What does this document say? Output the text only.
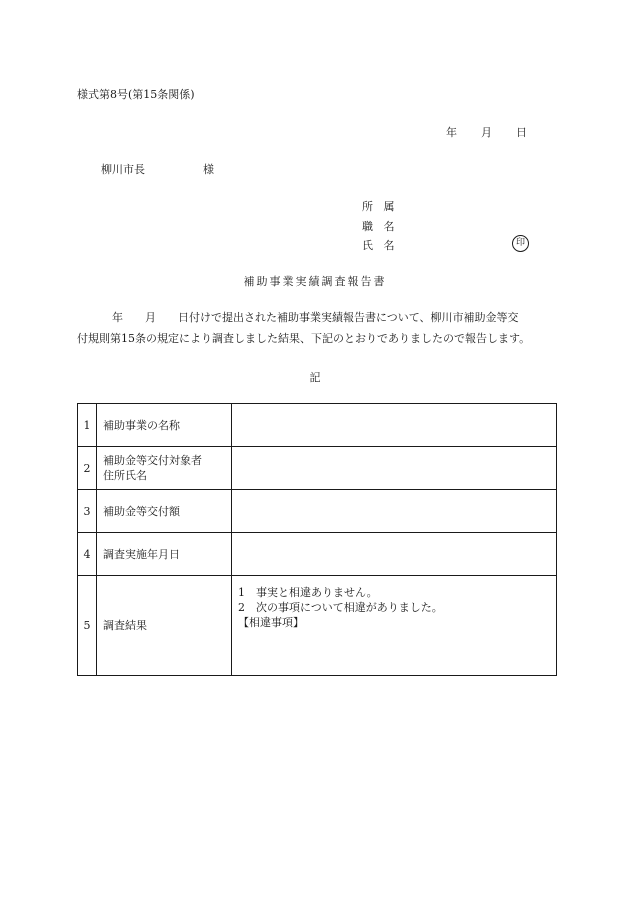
様式第8号(第15条関係)
年 月 日
柳川市長	様
所 属
職 名
氏 名	印
補助事業実績調査報告書
年 月 日付けで提出された補助事業実績報告書について、柳川市補助金等交
付規則第15条の規定により調査しました結果、下記のとおりでありましたので報告します。
記
1	補助事業の名称	

2	補助金等交付対象者
住所氏名	

3	補助金等交付額	

4	調査実施年月日	

5	調査結果	1　事実と相違ありません。
2　次の事項について相違がありました。
【相違事項】
